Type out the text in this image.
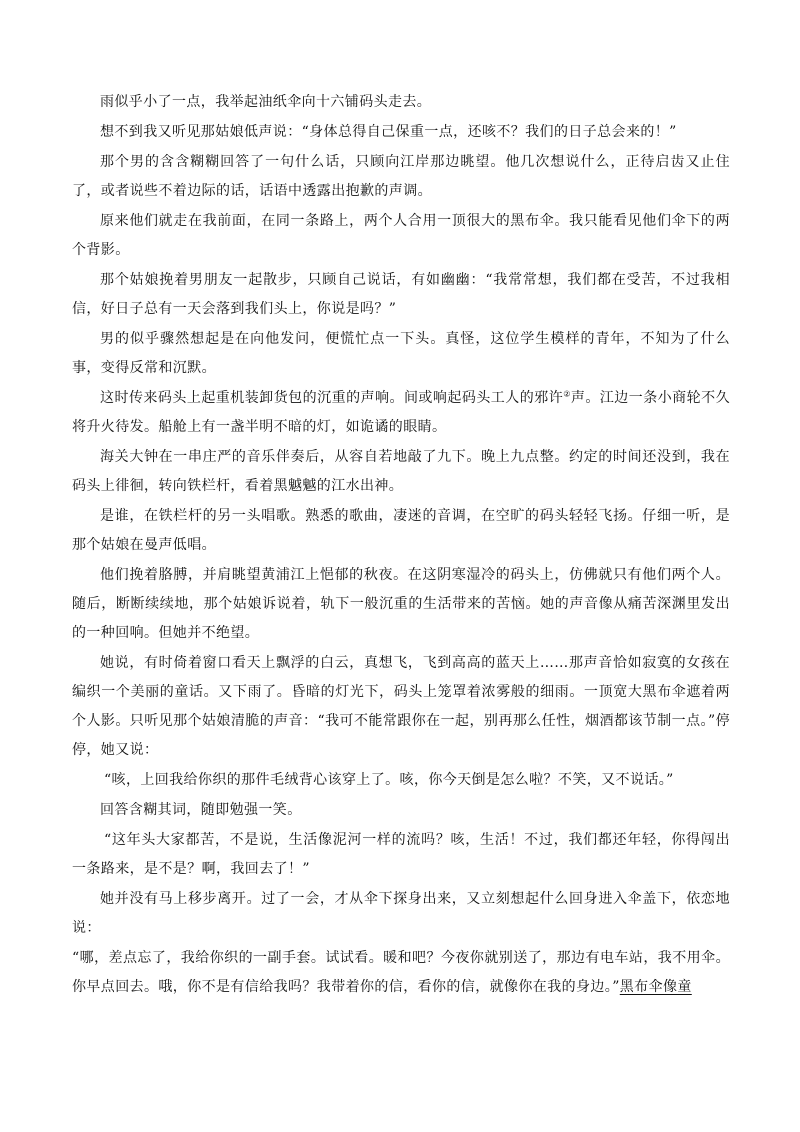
雨似乎小了一点，我举起油纸伞向十六铺码头走去。

想不到我又听见那姑娘低声说：“身体总得自己保重一点，还咳不？我们的日子总会来的！”

那个男的含含糊糊回答了一句什么话，只顾向江岸那边眺望。他几次想说什么，正待启齿又止住了，或者说些不着边际的话，话语中透露出抱歉的声调。

原来他们就走在我前面，在同一条路上，两个人合用一顶很大的黑布伞。我只能看见他们伞下的两个背影。

那个姑娘挽着男朋友一起散步，只顾自己说话，有如幽幽：“我常常想，我们都在受苦，不过我相信，好日子总有一天会落到我们头上，你说是吗？”

男的似乎骤然想起是在向他发问，便慌忙点一下头。真怪，这位学生模样的青年，不知为了什么事，变得反常和沉默。

这时传来码头上起重机装卸货包的沉重的声响。间或响起码头工人的邪许②声。江边一条小商轮不久将升火待发。船舱上有一盏半明不暗的灯，如诡谲的眼睛。

海关大钟在一串庄严的音乐伴奏后，从容自若地敲了九下。晚上九点整。约定的时间还没到，我在码头上徘徊，转向铁栏杆，看着黑魆魆的江水出神。

是谁，在铁栏杆的另一头唱歌。熟悉的歌曲，凄迷的音调，在空旷的码头轻轻飞扬。仔细一听，是那个姑娘在曼声低唱。

他们挽着胳膊，并肩眺望黄浦江上悒郁的秋夜。在这阴寒湿冷的码头上，仿佛就只有他们两个人。随后，断断续续地，那个姑娘诉说着，轨下一般沉重的生活带来的苦恼。她的声音像从痛苦深渊里发出的一种回响。但她并不绝望。

她说，有时倚着窗口看天上飘浮的白云，真想飞，飞到高高的蓝天上……那声音恰如寂寞的女孩在编织一个美丽的童话。又下雨了。昏暗的灯光下，码头上笼罩着浓雾般的细雨。一顶宽大黑布伞遮着两个人影。只听见那个姑娘清脆的声音：“我可不能常跟你在一起，别再那么任性，烟酒都该节制一点。”停停，她又说：

“咳，上回我给你织的那件毛绒背心该穿上了。咳，你今天倒是怎么啦？不笑，又不说话。”

回答含糊其词，随即勉强一笑。

“这年头大家都苦，不是说，生活像泥河一样的流吗？咳，生活！不过，我们都还年轻，你得闯出一条路来，是不是？啊，我回去了！”

她并没有马上移步离开。过了一会，才从伞下探身出来，又立刻想起什么回身进入伞盖下，依恋地说：

“哪，差点忘了，我给你织的一副手套。试试看。暖和吧？今夜你就别送了，那边有电车站，我不用伞。你早点回去。哦，你不是有信给我吗？我带着你的信，看你的信，就像你在我的身边。”黑布伞像童
